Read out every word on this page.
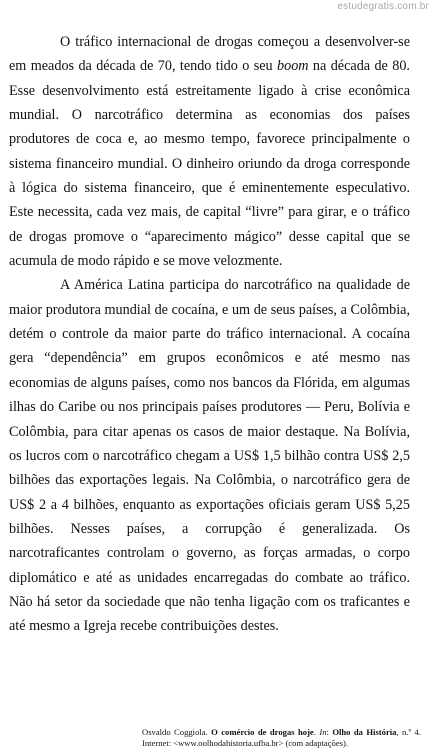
estudegratis.com.br

O tráfico internacional de drogas começou a desenvolver-se em meados da década de 70, tendo tido o seu boom na década de 80. Esse desenvolvimento está estreitamente ligado à crise econômica mundial. O narcotráfico determina as economias dos países produtores de coca e, ao mesmo tempo, favorece principalmente o sistema financeiro mundial. O dinheiro oriundo da droga corresponde à lógica do sistema financeiro, que é eminentemente especulativo. Este necessita, cada vez mais, de capital “livre” para girar, e o tráfico de drogas promove o “aparecimento mágico” desse capital que se acumula de modo rápido e se move velozmente.

A América Latina participa do narcotráfico na qualidade de maior produtora mundial de cocaína, e um de seus países, a Colômbia, detém o controle da maior parte do tráfico internacional. A cocaína gera “dependência” em grupos econômicos e até mesmo nas economias de alguns países, como nos bancos da Flórida, em algumas ilhas do Caribe ou nos principais países produtores — Peru, Bolívia e Colômbia, para citar apenas os casos de maior destaque. Na Bolívia, os lucros com o narcotráfico chegam a US$ 1,5 bilhão contra US$ 2,5 bilhões das exportações legais. Na Colômbia, o narcotráfico gera de US$ 2 a 4 bilhões, enquanto as exportações oficiais geram US$ 5,25 bilhões. Nesses países, a corrupção é generalizada. Os narcotraficantes controlam o governo, as forças armadas, o corpo diplomático e até as unidades encarregadas do combate ao tráfico. Não há setor da sociedade que não tenha ligação com os traficantes e até mesmo a Igreja recebe contribuições destes.

Osvaldo Coggiola. O comércio de drogas hoje. In: Olho da História, n.º 4. Internet: <www.oolhodahistoria.ufba.br> (com adaptações).
